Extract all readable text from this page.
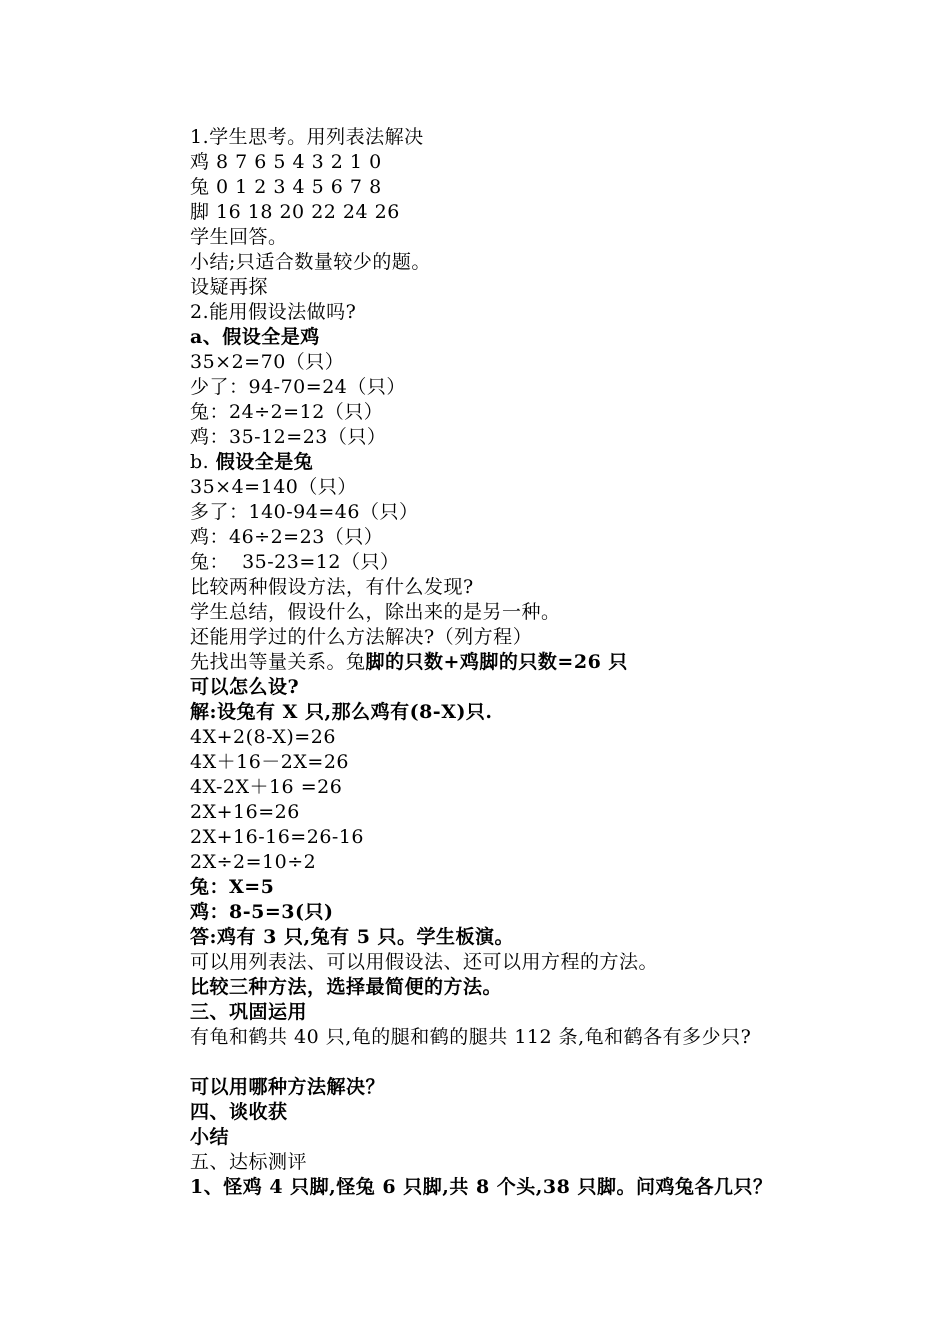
1.学生思考。用列表法解决
鸡 8 7 6 5 4 3 2 1 0
兔 0 1 2 3 4 5 6 7 8
脚 16 18 20 22 24 26
学生回答。
小结;只适合数量较少的题。
设疑再探
2.能用假设法做吗?
a、假设全是鸡
35×2=70（只）
少了：94-70=24（只）
兔：24÷2=12（只）
鸡：35-12=23（只）
b. 假设全是兔
35×4=140（只）
多了：140-94=46（只）
鸡：46÷2=23（只）
兔：  35-23=12（只）
比较两种假设方法，有什么发现?
学生总结，假设什么，除出来的是另一种。
还能用学过的什么方法解决?（列方程）
先找出等量关系。兔脚的只数+鸡脚的只数=26 只
可以怎么设?
解:设兔有 X 只,那么鸡有(8-X)只.
4X+2(8-X)=26
4X＋16－2X=26
4X-2X＋16 =26
2X+16=26
2X+16-16=26-16
2X÷2=10÷2
兔：X=5
鸡：8-5=3(只)
答:鸡有 3 只,兔有 5 只。学生板演。
可以用列表法、可以用假设法、还可以用方程的方法。
比较三种方法，选择最简便的方法。
三、巩固运用
有龟和鹤共 40 只,龟的腿和鹤的腿共 112 条,龟和鹤各有多少只?
可以用哪种方法解决？
四、谈收获
小结
五、达标测评
1、怪鸡 4 只脚,怪兔 6 只脚,共 8 个头,38 只脚。问鸡兔各几只？
